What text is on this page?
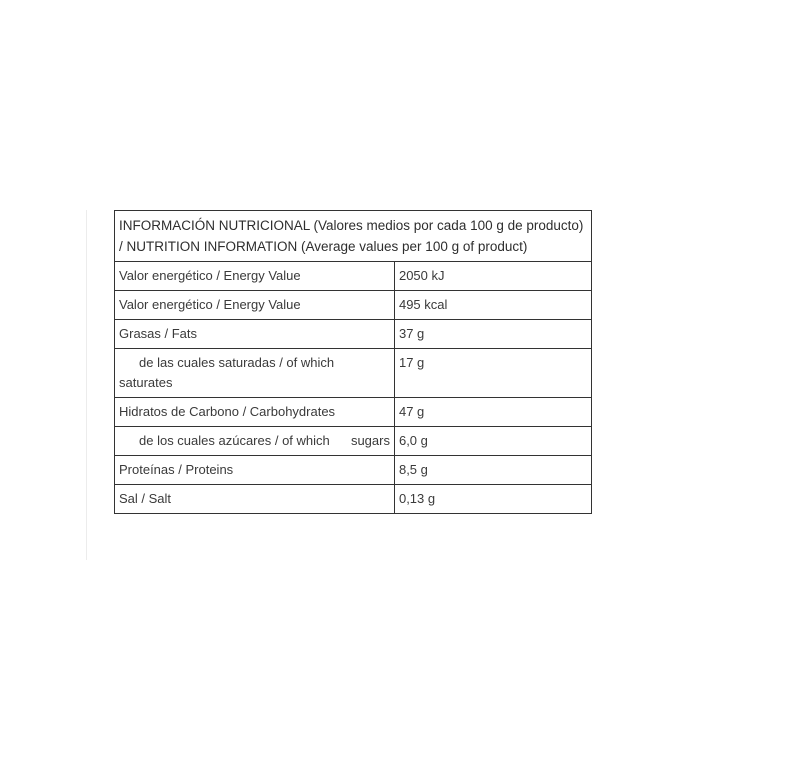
INFORMACIÓN NUTRICIONAL (Valores medios por cada 100 g de producto)
/ NUTRITION INFORMATION (Average values per 100 g of product)	

Valor energético / Energy Value	2050 kJ
Valor energético / Energy Value	495 kcal
Grasas / Fats	37 g

de las cuales saturadas / of which
saturates	17 g
Hidratos de Carbono / Carbohydrates	47 g

de los cuales azúcares / of which sugars	6,0 g
Proteínas / Proteins	8,5 g
Sal / Salt	0,13 g
